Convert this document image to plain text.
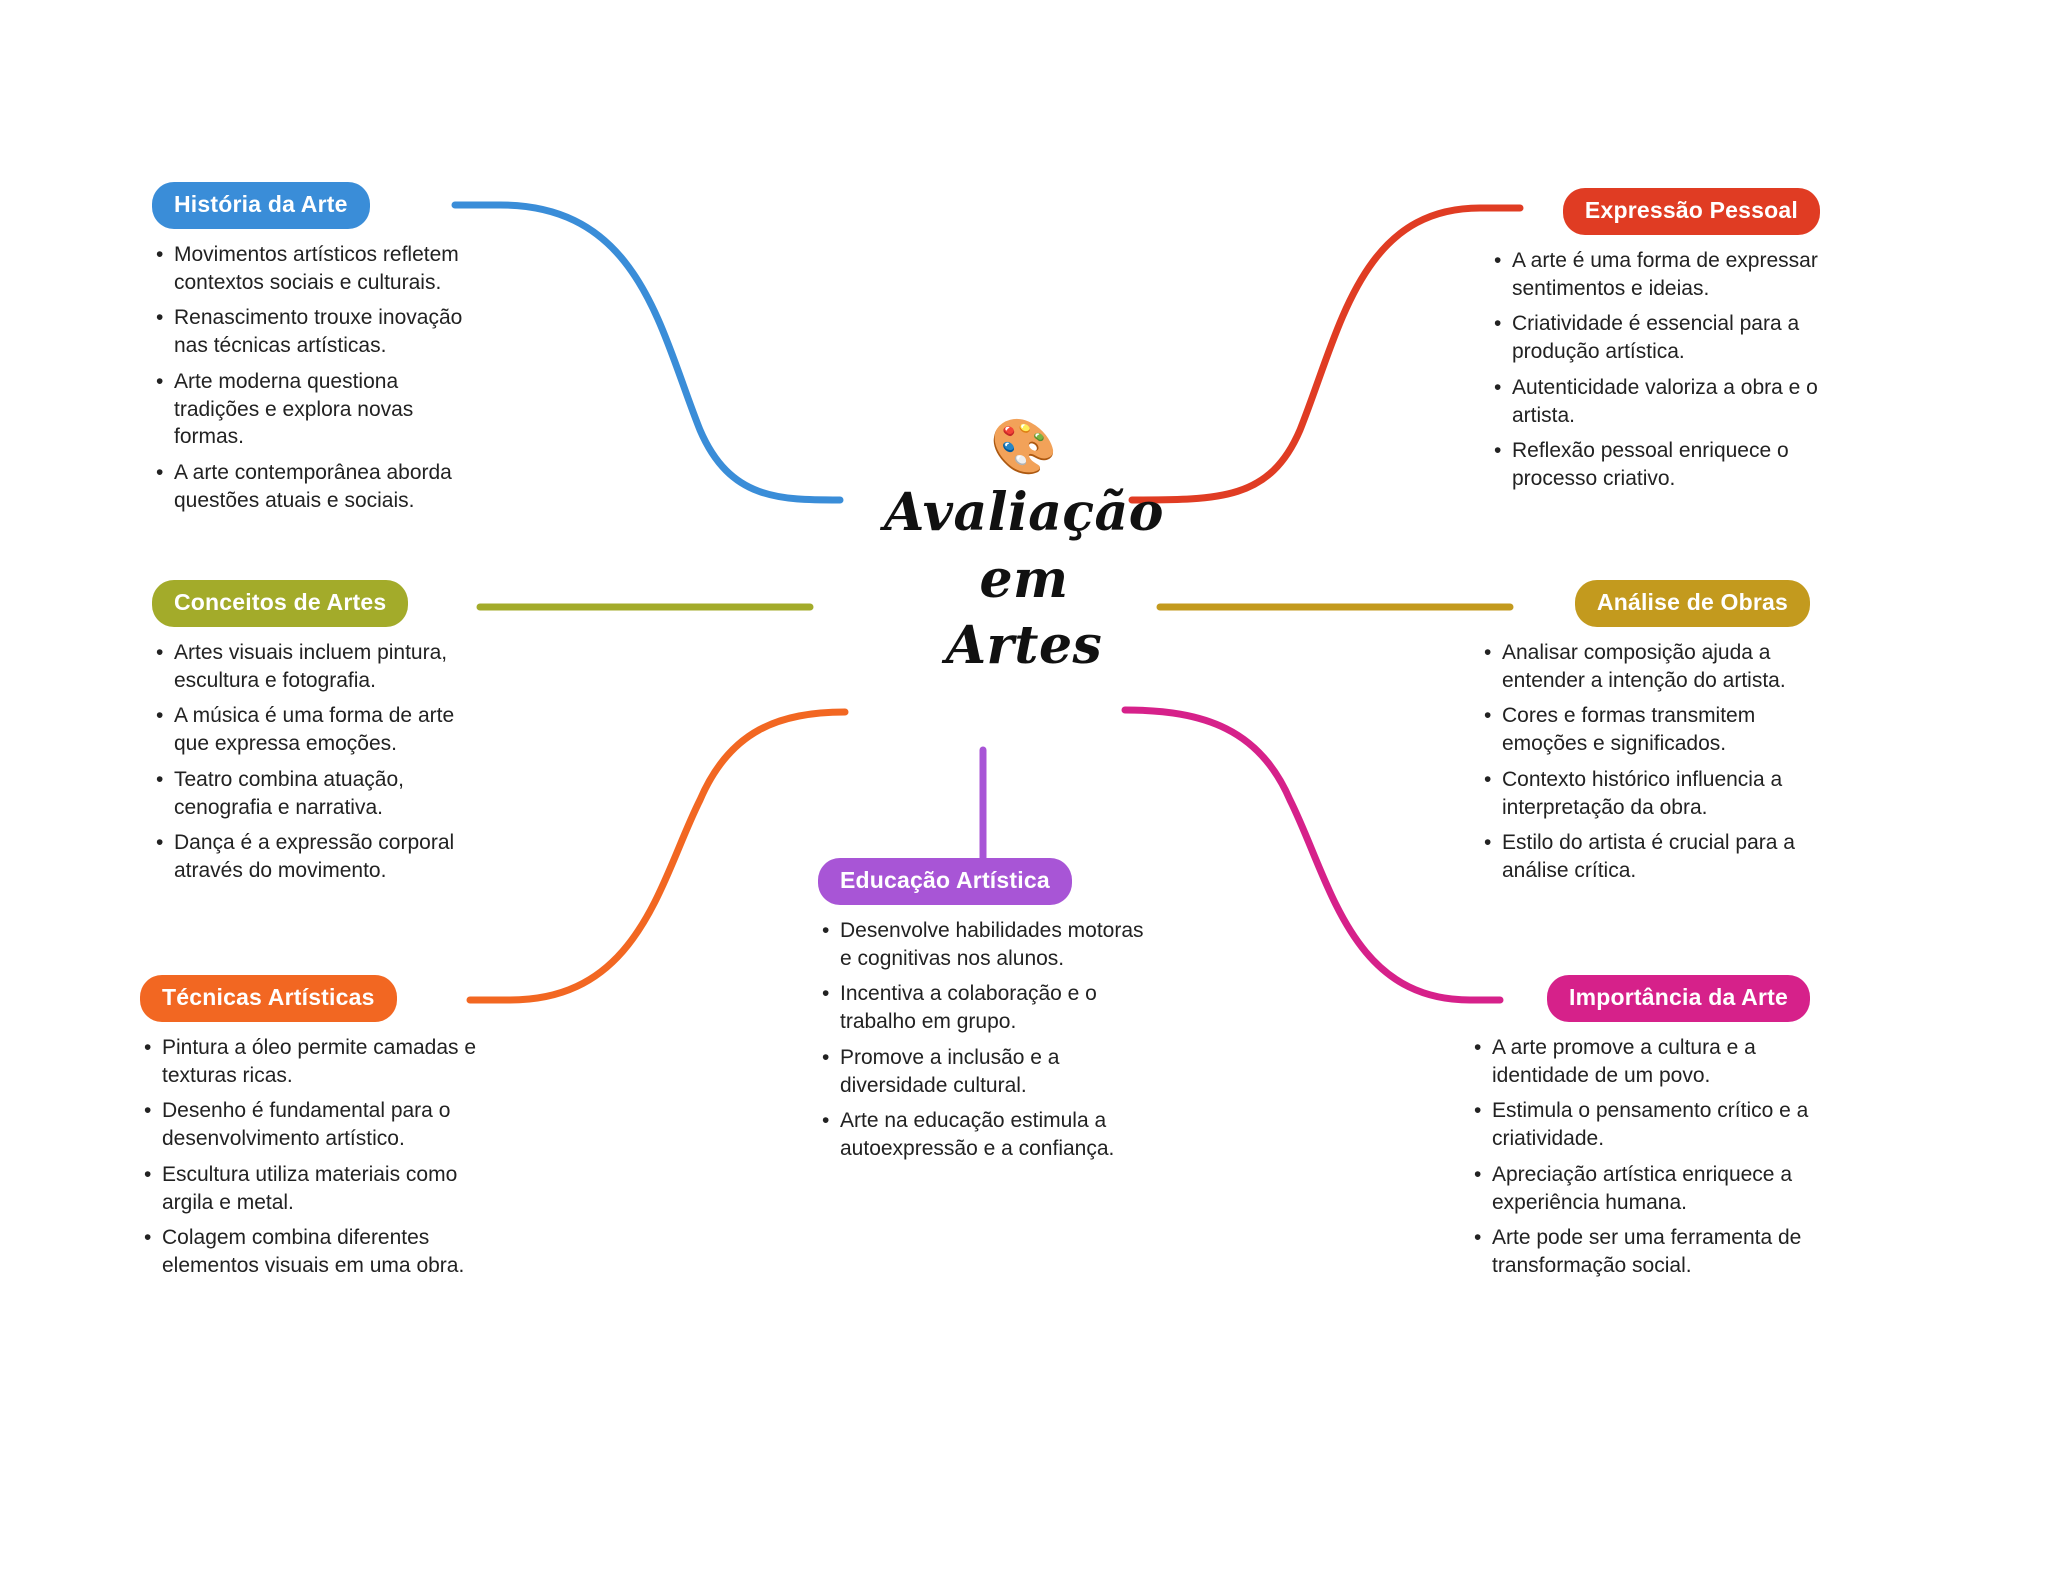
🎨
Avaliação
em
Artes
História da Arte
• Movimentos artísticos refletem contextos sociais e culturais.
• Renascimento trouxe inovação nas técnicas artísticas.
• Arte moderna questiona tradições e explora novas formas.
• A arte contemporânea aborda questões atuais e sociais.
Conceitos de Artes
• Artes visuais incluem pintura, escultura e fotografia.
• A música é uma forma de arte que expressa emoções.
• Teatro combina atuação, cenografia e narrativa.
• Dança é a expressão corporal através do movimento.
Técnicas Artísticas
• Pintura a óleo permite camadas e texturas ricas.
• Desenho é fundamental para o desenvolvimento artístico.
• Escultura utiliza materiais como argila e metal.
• Colagem combina diferentes elementos visuais em uma obra.
Expressão Pessoal
• A arte é uma forma de expressar sentimentos e ideias.
• Criatividade é essencial para a produção artística.
• Autenticidade valoriza a obra e o artista.
• Reflexão pessoal enriquece o processo criativo.
Análise de Obras
• Analisar composição ajuda a entender a intenção do artista.
• Cores e formas transmitem emoções e significados.
• Contexto histórico influencia a interpretação da obra.
• Estilo do artista é crucial para a análise crítica.
Importância da Arte
• A arte promove a cultura e a identidade de um povo.
• Estimula o pensamento crítico e a criatividade.
• Apreciação artística enriquece a experiência humana.
• Arte pode ser uma ferramenta de transformação social.
Educação Artística
• Desenvolve habilidades motoras e cognitivas nos alunos.
• Incentiva a colaboração e o trabalho em grupo.
• Promove a inclusão e a diversidade cultural.
• Arte na educação estimula a autoexpressão e a confiança.
